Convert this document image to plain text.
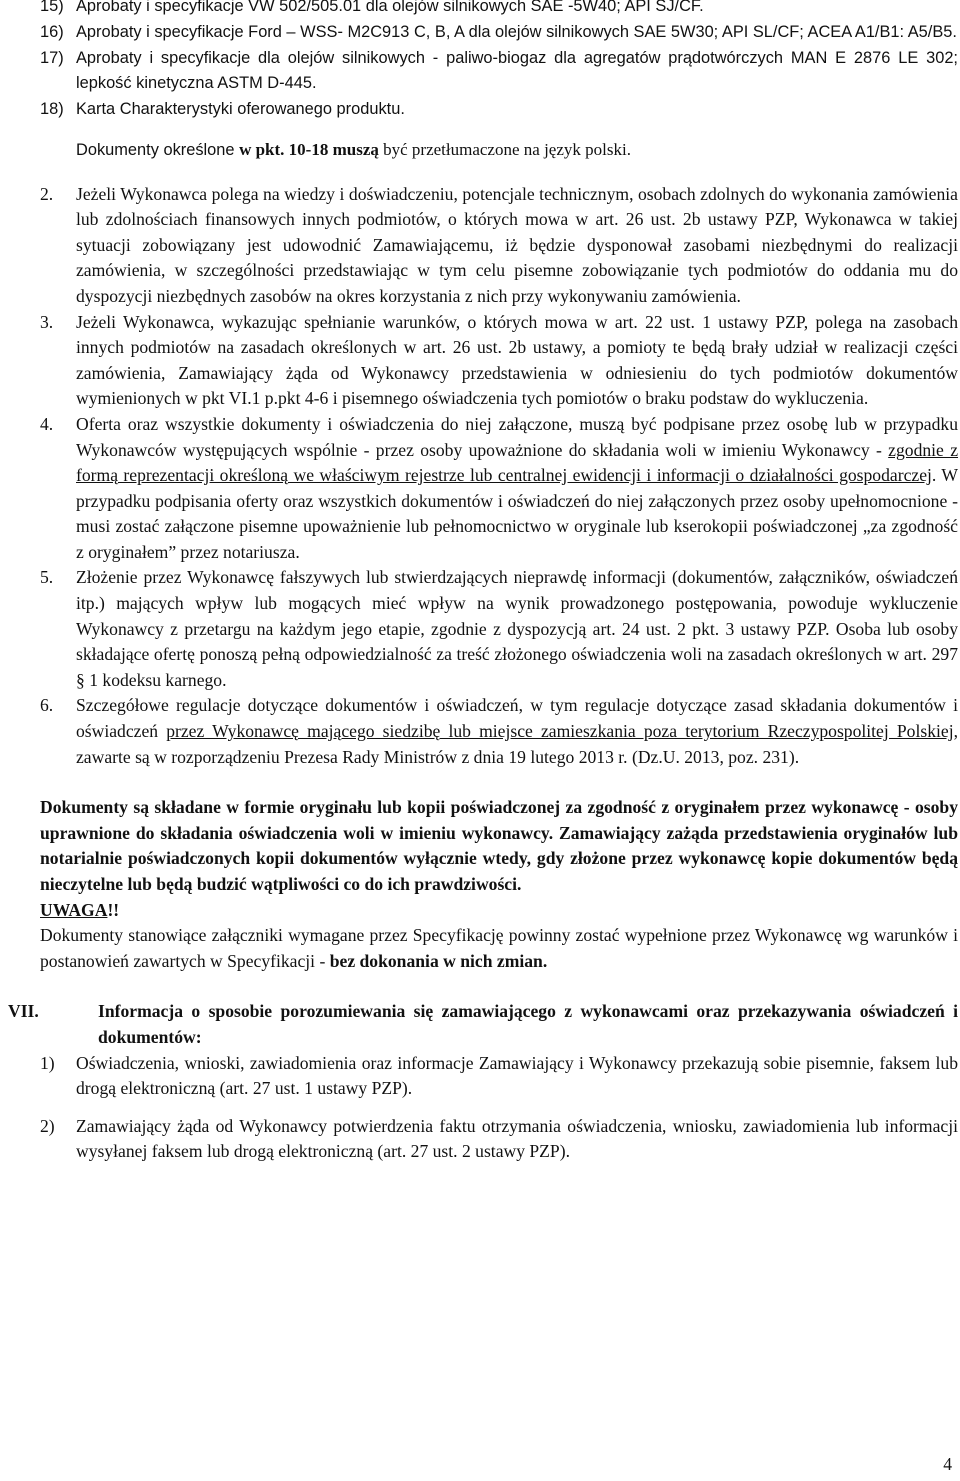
15) Aprobaty i specyfikacje VW 502/505.01 dla olejów silnikowych SAE -5W40; API SJ/CF.

16) Aprobaty i specyfikacje Ford – WSS- M2C913 C, B, A dla olejów silnikowych SAE 5W30; API SL/CF; ACEA A1/B1: A5/B5.

17) Aprobaty i specyfikacje dla olejów silnikowych - paliwo-biogaz dla agregatów prądotwórczych MAN E 2876 LE 302; lepkość kinetyczna ASTM D-445.

18) Karta Charakterystyki oferowanego produktu.

Dokumenty określone w pkt. 10-18 muszą być przetłumaczone na język polski.

2. Jeżeli Wykonawca polega na wiedzy i doświadczeniu, potencjale technicznym, osobach zdolnych do wykonania zamówienia lub zdolnościach finansowych innych podmiotów, o których mowa w art. 26 ust. 2b ustawy PZP, Wykonawca w takiej sytuacji zobowiązany jest udowodnić Zamawiającemu, iż będzie dysponował zasobami niezbędnymi do realizacji zamówienia, w szczególności przedstawiając w tym celu pisemne zobowiązanie tych podmiotów do oddania mu do dyspozycji niezbędnych zasobów na okres korzystania z nich przy wykonywaniu zamówienia.

3. Jeżeli Wykonawca, wykazując spełnianie warunków, o których mowa w art. 22 ust. 1 ustawy PZP, polega na zasobach innych podmiotów na zasadach określonych w art. 26 ust. 2b ustawy, a pomioty te będą brały udział w realizacji części zamówienia, Zamawiający żąda od Wykonawcy przedstawienia w odniesieniu do tych podmiotów dokumentów wymienionych w pkt VI.1 p.pkt 4-6 i pisemnego oświadczenia tych pomiotów o braku podstaw do wykluczenia.

4. Oferta oraz wszystkie dokumenty i oświadczenia do niej załączone, muszą być podpisane przez osobę lub w przypadku Wykonawców występujących wspólnie - przez osoby upoważnione do składania woli w imieniu Wykonawcy - zgodnie z formą reprezentacji określoną we właściwym rejestrze lub centralnej ewidencji i informacji o działalności gospodarczej. W przypadku podpisania oferty oraz wszystkich dokumentów i oświadczeń do niej załączonych przez osoby upełnomocnione - musi zostać załączone pisemne upoważnienie lub pełnomocnictwo w oryginale lub kserokopii poświadczonej „za zgodność z oryginałem” przez notariusza.

5. Złożenie przez Wykonawcę fałszywych lub stwierdzających nieprawdę informacji (dokumentów, załączników, oświadczeń itp.) mających wpływ lub mogących mieć wpływ na wynik prowadzonego postępowania, powoduje wykluczenie Wykonawcy z przetargu na każdym jego etapie, zgodnie z dyspozycją art. 24 ust. 2 pkt. 3 ustawy PZP. Osoba lub osoby składające ofertę ponoszą pełną odpowiedzialność za treść złożonego oświadczenia woli na zasadach określonych w art. 297 § 1 kodeksu karnego.

6. Szczegółowe regulacje dotyczące dokumentów i oświadczeń, w tym regulacje dotyczące zasad składania dokumentów i oświadczeń przez Wykonawcę mającego siedzibę lub miejsce zamieszkania poza terytorium Rzeczypospolitej Polskiej, zawarte są w rozporządzeniu Prezesa Rady Ministrów z dnia 19 lutego 2013 r. (Dz.U. 2013, poz. 231).

Dokumenty są składane w formie oryginału lub kopii poświadczonej za zgodność z oryginałem przez wykonawcę - osoby uprawnione do składania oświadczenia woli w imieniu wykonawcy. Zamawiający zażąda przedstawienia oryginałów lub notarialnie poświadczonych kopii dokumentów wyłącznie wtedy, gdy złożone przez wykonawcę kopie dokumentów będą nieczytelne lub będą budzić wątpliwości co do ich prawdziwości.

UWAGA!!

Dokumenty stanowiące załączniki wymagane przez Specyfikację powinny zostać wypełnione przez Wykonawcę wg warunków i postanowień zawartych w Specyfikacji - bez dokonania w nich zmian.

VII.	Informacja o sposobie porozumiewania się zamawiającego z wykonawcami oraz przekazywania oświadczeń i dokumentów:

1) Oświadczenia, wnioski, zawiadomienia oraz informacje Zamawiający i Wykonawcy przekazują sobie pisemnie, faksem lub drogą elektroniczną (art. 27 ust. 1 ustawy PZP).

2) Zamawiający żąda od Wykonawcy potwierdzenia faktu otrzymania oświadczenia, wniosku, zawiadomienia lub informacji wysyłanej faksem lub drogą elektroniczną (art. 27 ust. 2 ustawy PZP).

4
